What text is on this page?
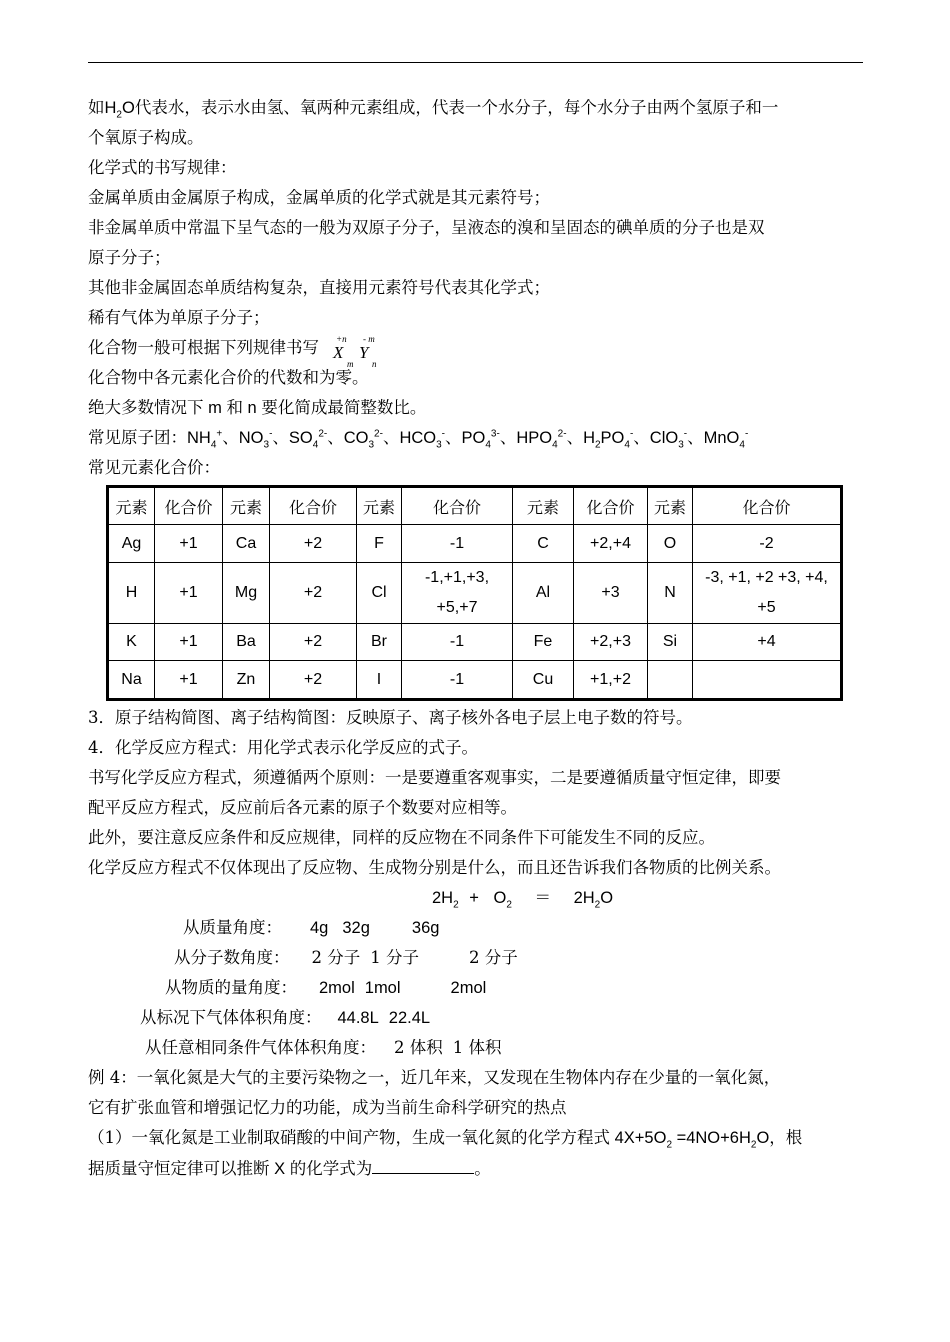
如$H_2O$代表水，表示水由氢、氧两种元素组成，代表一个水分子，每个水分子由两个氢原子和一
个氧原子构成。
化学式的书写规律：
金属单质由金属原子构成，金属单质的化学式就是其元素符号；
非金属单质中常温下呈气态的一般为双原子分子，呈液态的溴和呈固态的碘单质的分子也是双
原子分子；
其他非金属固态单质结构复杂，直接用元素符号代表其化学式；
稀有气体为单原子分子；
化合物一般可根据下列规律书写 +n - m
X
m
Y
n
化合物中各元素化合价的代数和为零。
绝大多数情况下 m 和 n 要化简成最简整数比。
常见原子团：$NH_4^+$、$NO_3^-$、$SO_4^{2-}$、$CO_3^{2-}$、$HCO_3^-$、$PO_4^{3-}$、$HPO_4^{2-}$、$H_2PO_4^-$、ClO$_3$-、MnO$_4$-
常见元素化合价：
元素	化合价	元素	化合价	元素	化合价	元素	化合价	元素	化合价
Ag	+1	Ca	+2	F	-1	C	+2,+4	O	-2
H	+1	Mg	+2	Cl	-1,+1,+3,
+5,+7	Al	+3	N	-3, +1, +2 +3, +4,
+5
K	+1	Ba	+2	Br	-1	Fe	+2,+3	Si	+4
Na	+1	Zn	+2	I	-1	Cu	+1,+2		
3．原子结构简图、离子结构简图：反映原子、离子核外各电子层上电子数的符号。
4．化学反应方程式：用化学式表示化学反应的式子。
书写化学反应方程式，须遵循两个原则：一是要遵重客观事实，二是要遵循质量守恒定律，即要
配平反应方程式，反应前后各元素的原子个数要对应相等。
此外，要注意反应条件和反应规律，同样的反应物在不同条件下可能发生不同的反应。
化学反应方程式不仅体现出了反应物、生成物分别是什么，而且还告诉我们各物质的比例关系。
$2H_2 + O_2 = 2H_2O$
从质量角度： 4g 32g	36g
从分子数角度： 2 分子 1 分子	2 分子
从物质的量角度： 2mol 1mol	2mol
从标况下气体体积角度： 44.8L 22.4L
从任意相同条件气体体积角度： 2 体积 1 体积
例 4：一氧化氮是大气的主要污染物之一，近几年来，又发现在生物体内存在少量的一氧化氮，
它有扩张血管和增强记忆力的功能，成为当前生命科学研究的热点
（1）一氧化氮是工业制取硝酸的中间产物，生成一氧化氮的化学方程式 $4X+5O_2 =4NO+6H_2O$，根
据质量守恒定律可以推断 X 的化学式为	。
